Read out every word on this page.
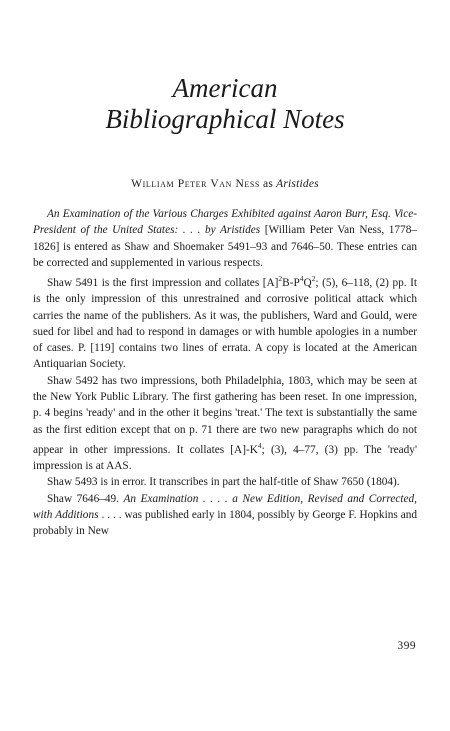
American
Bibliographical Notes
William Peter Van Ness as Aristides

An Examination of the Various Charges Exhibited against Aaron Burr, Esq. Vice-President of the United States: . . . by Aristides [William Peter Van Ness, 1778–1826] is entered as Shaw and Shoemaker 5491–93 and 7646–50. These entries can be corrected and supplemented in various respects.

Shaw 5491 is the first impression and collates $[A]^2B-P^4Q^2$; (5), 6–118, (2) pp. It is the only impression of this unrestrained and corrosive political attack which carries the name of the publishers. As it was, the publishers, Ward and Gould, were sued for libel and had to respond in damages or with humble apologies in a number of cases. P. [119] contains two lines of errata. A copy is located at the American Antiquarian Society.

Shaw 5492 has two impressions, both Philadelphia, 1803, which may be seen at the New York Public Library. The first gathering has been reset. In one impression, p. 4 begins 'ready' and in the other it begins 'treat.' The text is substantially the same as the first edition except that on p. 71 there are two new paragraphs which do not appear in other impressions. It collates $[A]-K^4$; (3), 4–77, (3) pp. The 'ready' impression is at AAS.

Shaw 5493 is in error. It transcribes in part the half-title of Shaw 7650 (1804).

Shaw 7646–49. An Examination . . . . a New Edition, Revised and Corrected, with Additions . . . . was published early in 1804, possibly by George F. Hopkins and probably in New

399
